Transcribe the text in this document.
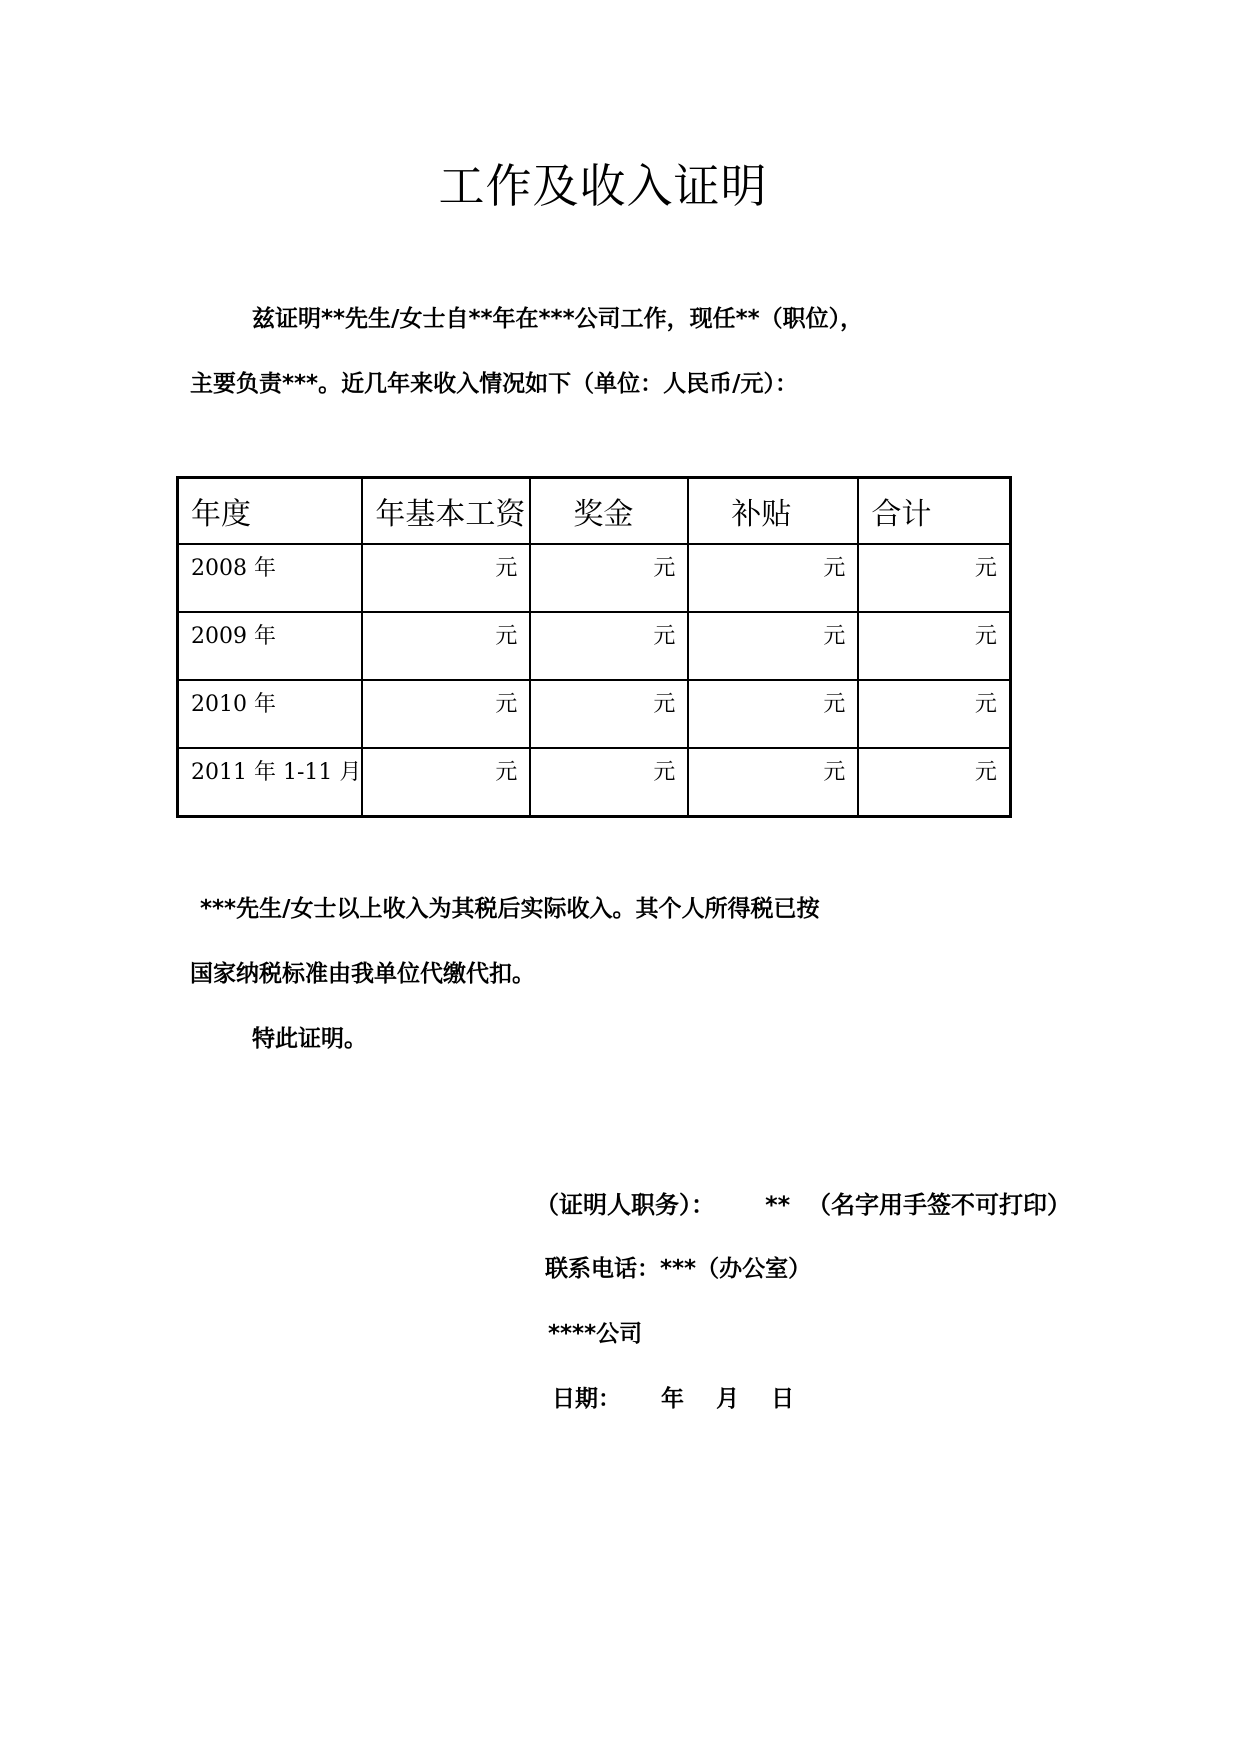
工作及收入证明

兹证明**先生/女士自**年在***公司工作，现任**（职位），

主要负责***。近几年来收入情况如下（单位：人民币/元）：

年度	年基本工资	奖金	补贴	合计
2008 年	元	元	元	元
2009 年	元	元	元	元
2010 年	元	元	元	元
2011 年 1-11 月	元	元	元	元

***先生/女士以上收入为其税后实际收入。其个人所得税已按

国家纳税标准由我单位代缴代扣。

特此证明。

（证明人职务）：      **  （名字用手签不可打印）

联系电话：***（办公室）

****公司

日期：     年    月    日
